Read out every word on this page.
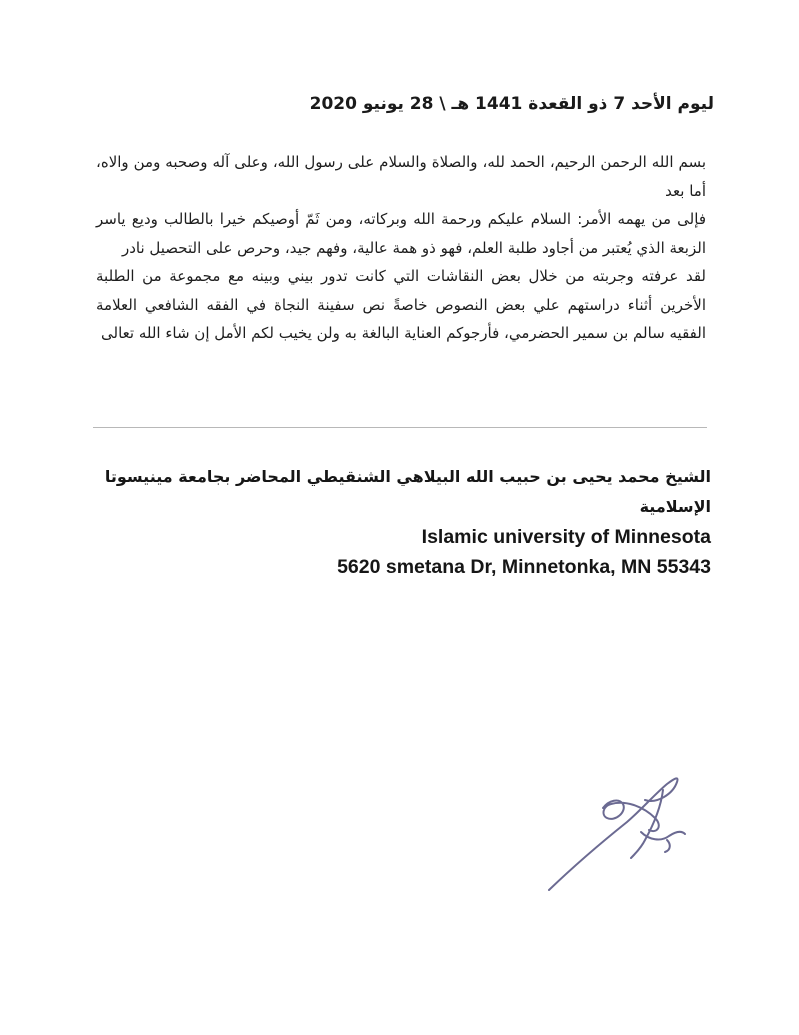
ليوم الأحد 7 ذو القعدة 1441 هـ \ 28 يونيو 2020

بسم الله الرحمن الرحيم، الحمد لله، والصلاة والسلام على رسول الله، وعلى آله وصحبه ومن والاه، أما بعد

فإلى من يهمه الأمر: السلام عليكم ورحمة الله وبركاته، ومن ثَمّ أوصيكم خيرا بالطالب وديع ياسر الزبعة الذي يُعتبر من أجاود طلبة العلم، فهو ذو همة عالية، وفهم جيد، وحرص على التحصيل نادر

لقد عرفته وجربته من خلال بعض النقاشات التي كانت تدور بيني وبينه مع مجموعة من الطلبة الأخرين أثناء دراستهم علي بعض النصوص خاصةً نص سفينة النجاة في الفقه الشافعي العلامة الفقيه سالم بن سمير الحضرمي، فأرجوكم العناية البالغة به ولن يخيب لكم الأمل إن شاء الله تعالى

الشيخ محمد يحيى بن حبيب الله البيلاهي الشنقيطي المحاضر بجامعة مينيسوتا الإسلامية

Islamic university of Minnesota

5620 smetana Dr, Minnetonka, MN 55343
